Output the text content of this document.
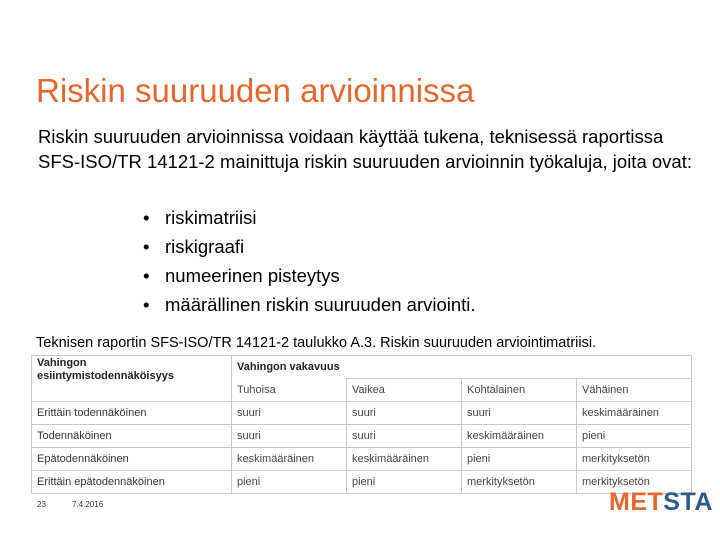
Riskin suuruuden arvioinnissa

Riskin suuruuden arvioinnissa voidaan käyttää tukena, teknisessä raportissa SFS-ISO/TR 14121-2 mainittuja riskin suuruuden arvioinnin työkaluja, joita ovat:

• riskimatriisi
• riskigraafi
• numeerinen pisteytys
• määrällinen riskin suuruuden arviointi.

Teknisen raportin SFS-ISO/TR 14121-2 taulukko A.3. Riskin suuruuden arviointimatriisi.

Vahingon
esiintymistodennäköisyys	Vahingon vakavuus			
	Tuhoisa	Vaikea	Kohtalainen	Vähäinen
Erittäin todennäköinen	suuri	suuri	suuri	keskimääräinen
Todennäköinen	suuri	suuri	keskimääräinen	pieni
Epätodennäköinen	keskimääräinen	keskimääräinen	pieni	merkityksetön
Erittäin epätodennäköinen	pieni	pieni	merkityksetön	merkityksetön
23	7.4.2016	METSTA
